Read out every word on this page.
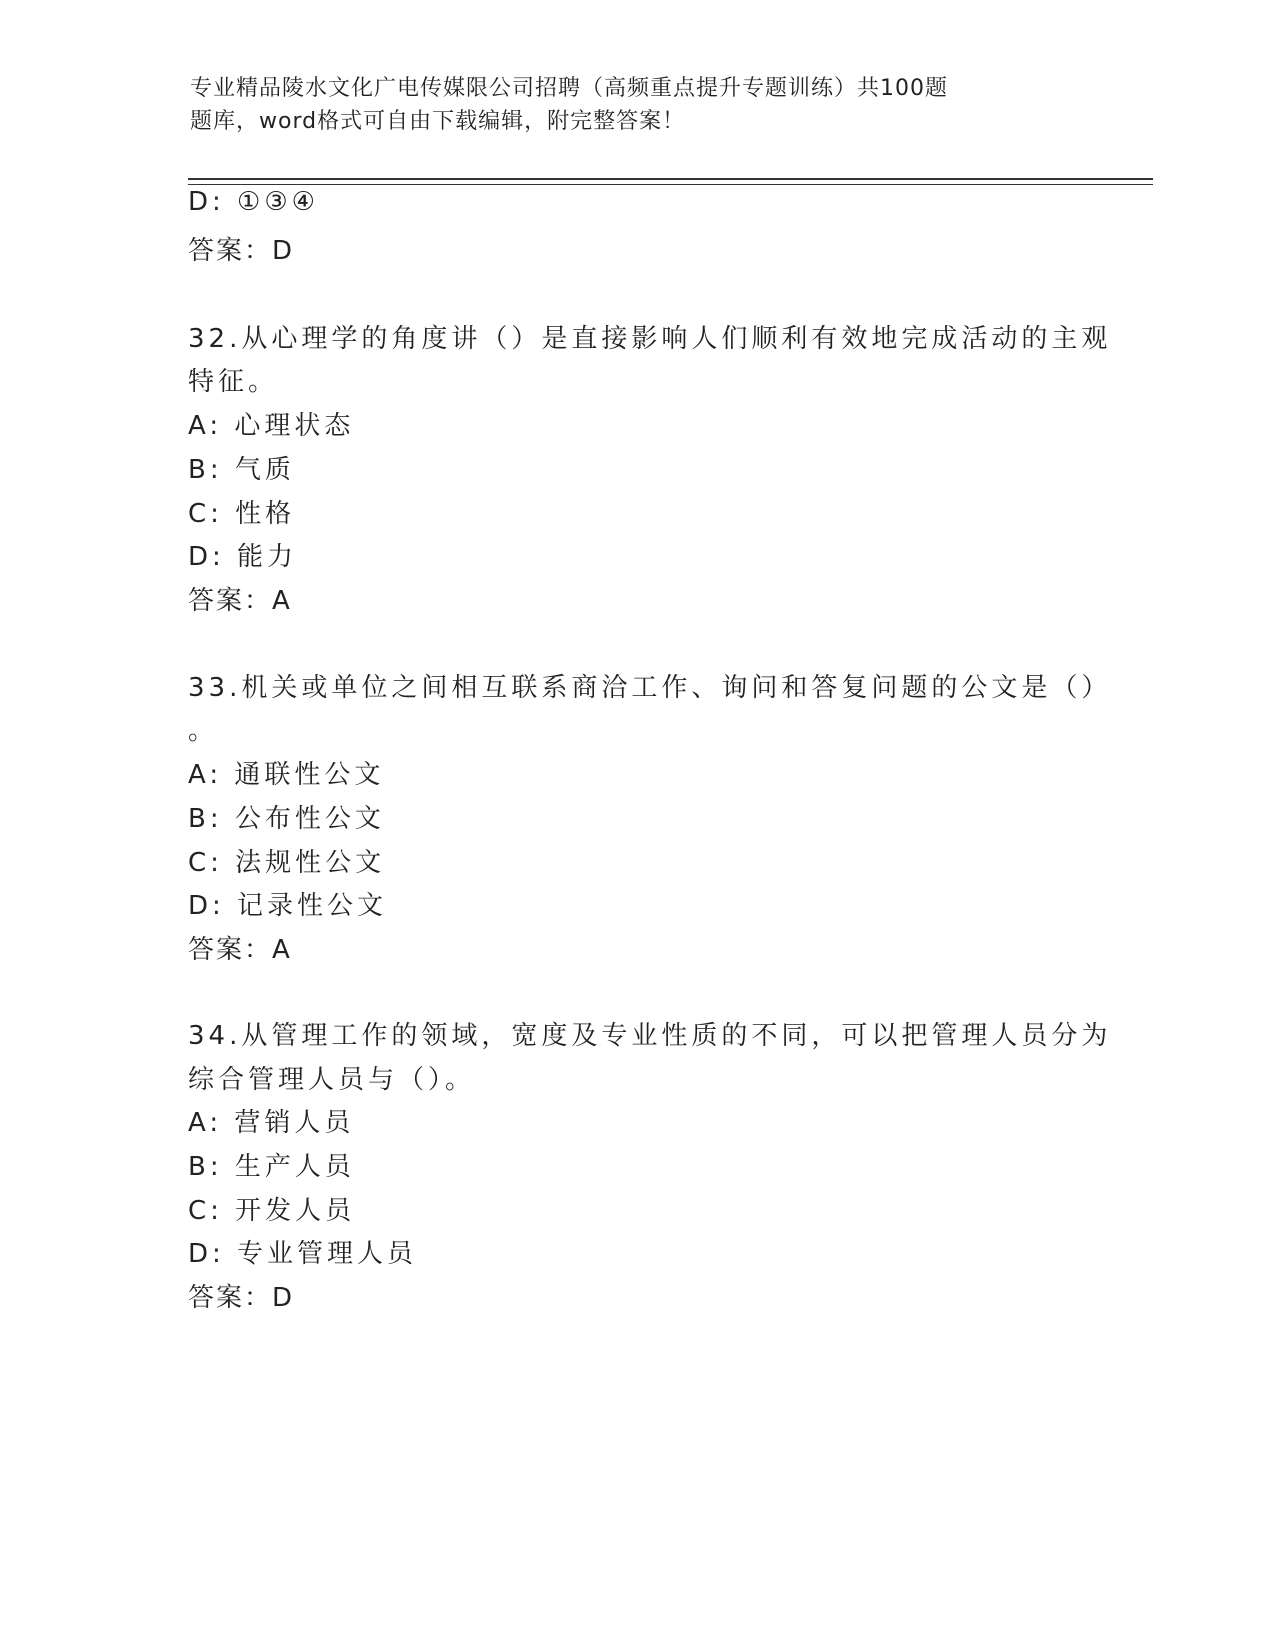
专业精品陵水文化广电传媒限公司招聘（高频重点提升专题训练）共100题
题库，word格式可自由下载编辑，附完整答案！
D: ①③④
答案：D
32.从心理学的角度讲（）是直接影响人们顺利有效地完成活动的主观
特征。
A: 心理状态
B: 气质
C: 性格
D: 能力
答案：A
33.机关或单位之间相互联系商洽工作、询问和答复问题的公文是（）
。
A: 通联性公文
B: 公布性公文
C: 法规性公文
D: 记录性公文
答案：A
34.从管理工作的领域，宽度及专业性质的不同，可以把管理人员分为
综合管理人员与（）。
A: 营销人员
B: 生产人员
C: 开发人员
D: 专业管理人员
答案：D
